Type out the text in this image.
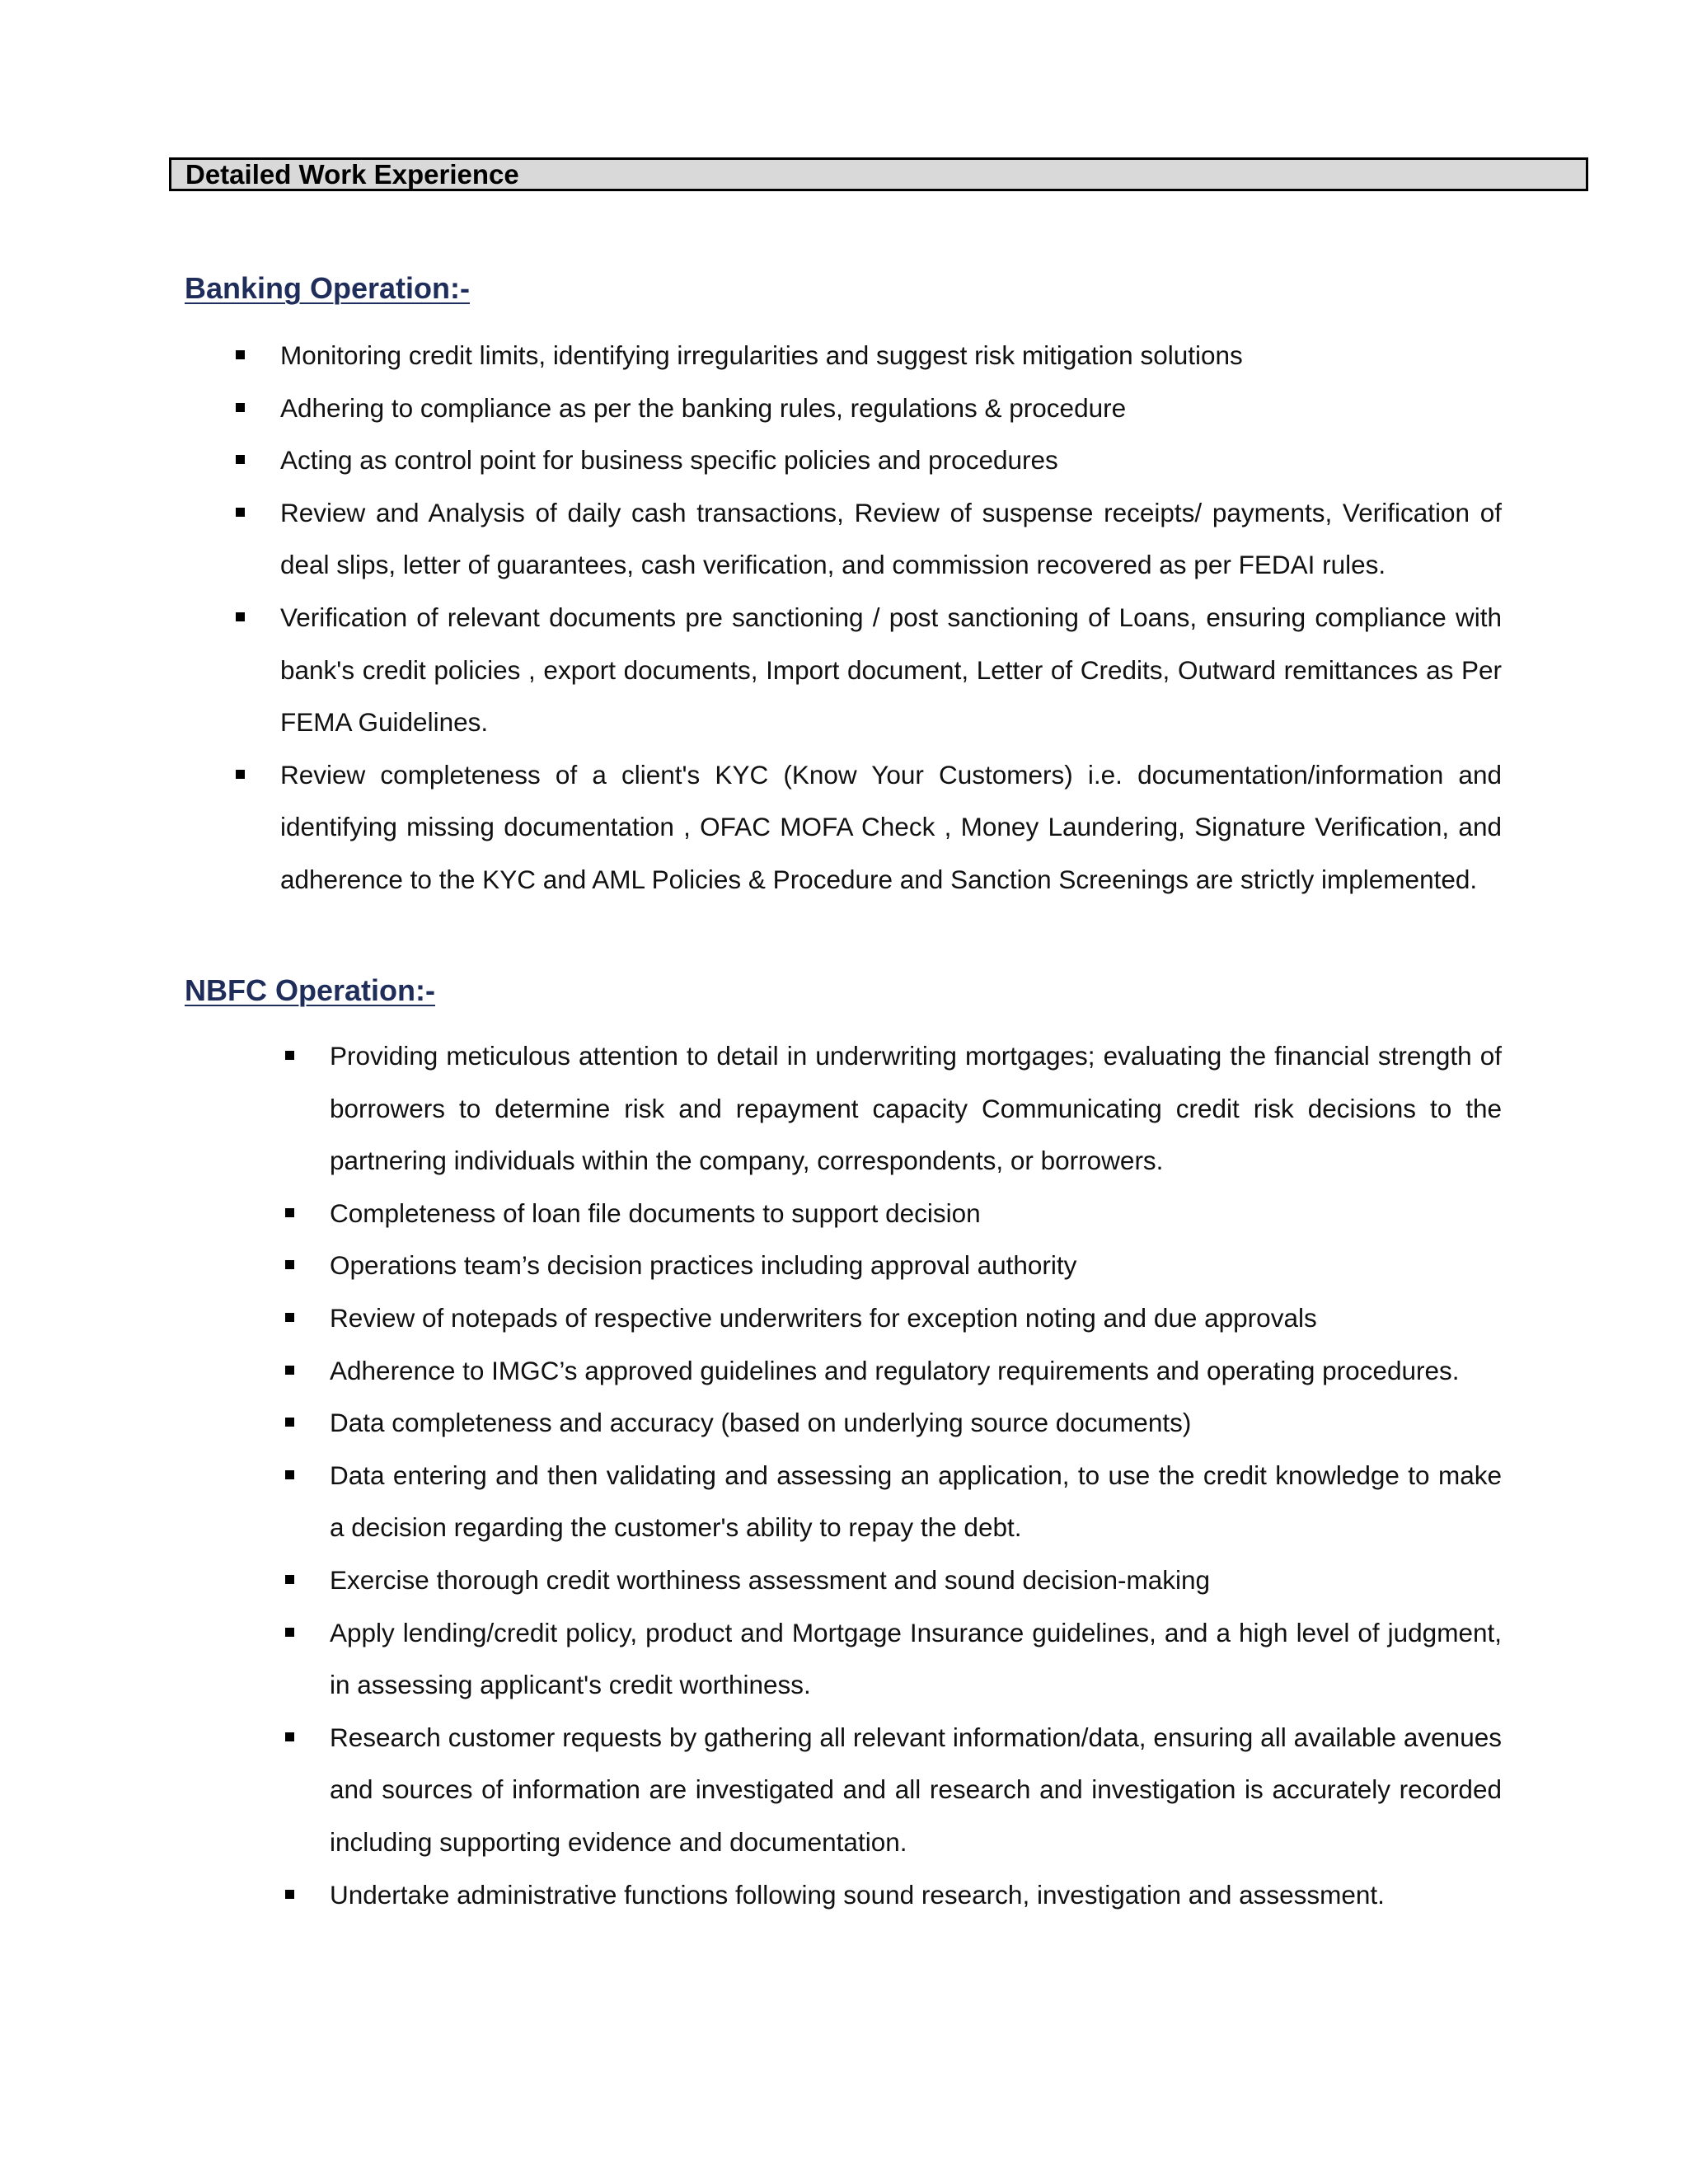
Detailed Work Experience
Banking Operation:-
Monitoring credit limits, identifying irregularities and suggest risk mitigation solutions
Adhering to compliance as per the banking rules, regulations & procedure
Acting as control point for business specific policies and procedures
Review and Analysis of daily cash transactions, Review of suspense receipts/ payments, Verification of deal slips, letter of guarantees, cash verification, and commission recovered as per FEDAI rules.
Verification of relevant documents pre sanctioning / post sanctioning of Loans, ensuring compliance with bank's credit policies , export documents, Import document, Letter of Credits, Outward remittances as Per FEMA Guidelines.
Review completeness of a client's KYC (Know Your Customers) i.e. documentation/information and identifying missing documentation , OFAC MOFA Check , Money Laundering, Signature Verification, and adherence to the KYC and AML Policies & Procedure and Sanction Screenings are strictly implemented.
NBFC Operation:-
Providing meticulous attention to detail in underwriting mortgages; evaluating the financial strength of borrowers to determine risk and repayment capacity Communicating credit risk decisions to the partnering individuals within the company, correspondents, or borrowers.
Completeness of loan file documents to support decision
Operations team’s decision practices including approval authority
Review of notepads of respective underwriters for exception noting and due approvals
Adherence to IMGC’s approved guidelines and regulatory requirements and operating procedures.
Data completeness and accuracy (based on underlying source documents)
Data entering and then validating and assessing an application, to use the credit knowledge to make a decision regarding the customer's ability to repay the debt.
Exercise thorough credit worthiness assessment and sound decision-making
Apply lending/credit policy, product and Mortgage Insurance guidelines, and a high level of judgment, in assessing applicant's credit worthiness.
Research customer requests by gathering all relevant information/data, ensuring all available avenues and sources of information are investigated and all research and investigation is accurately recorded including supporting evidence and documentation.
Undertake administrative functions following sound research, investigation and assessment.
